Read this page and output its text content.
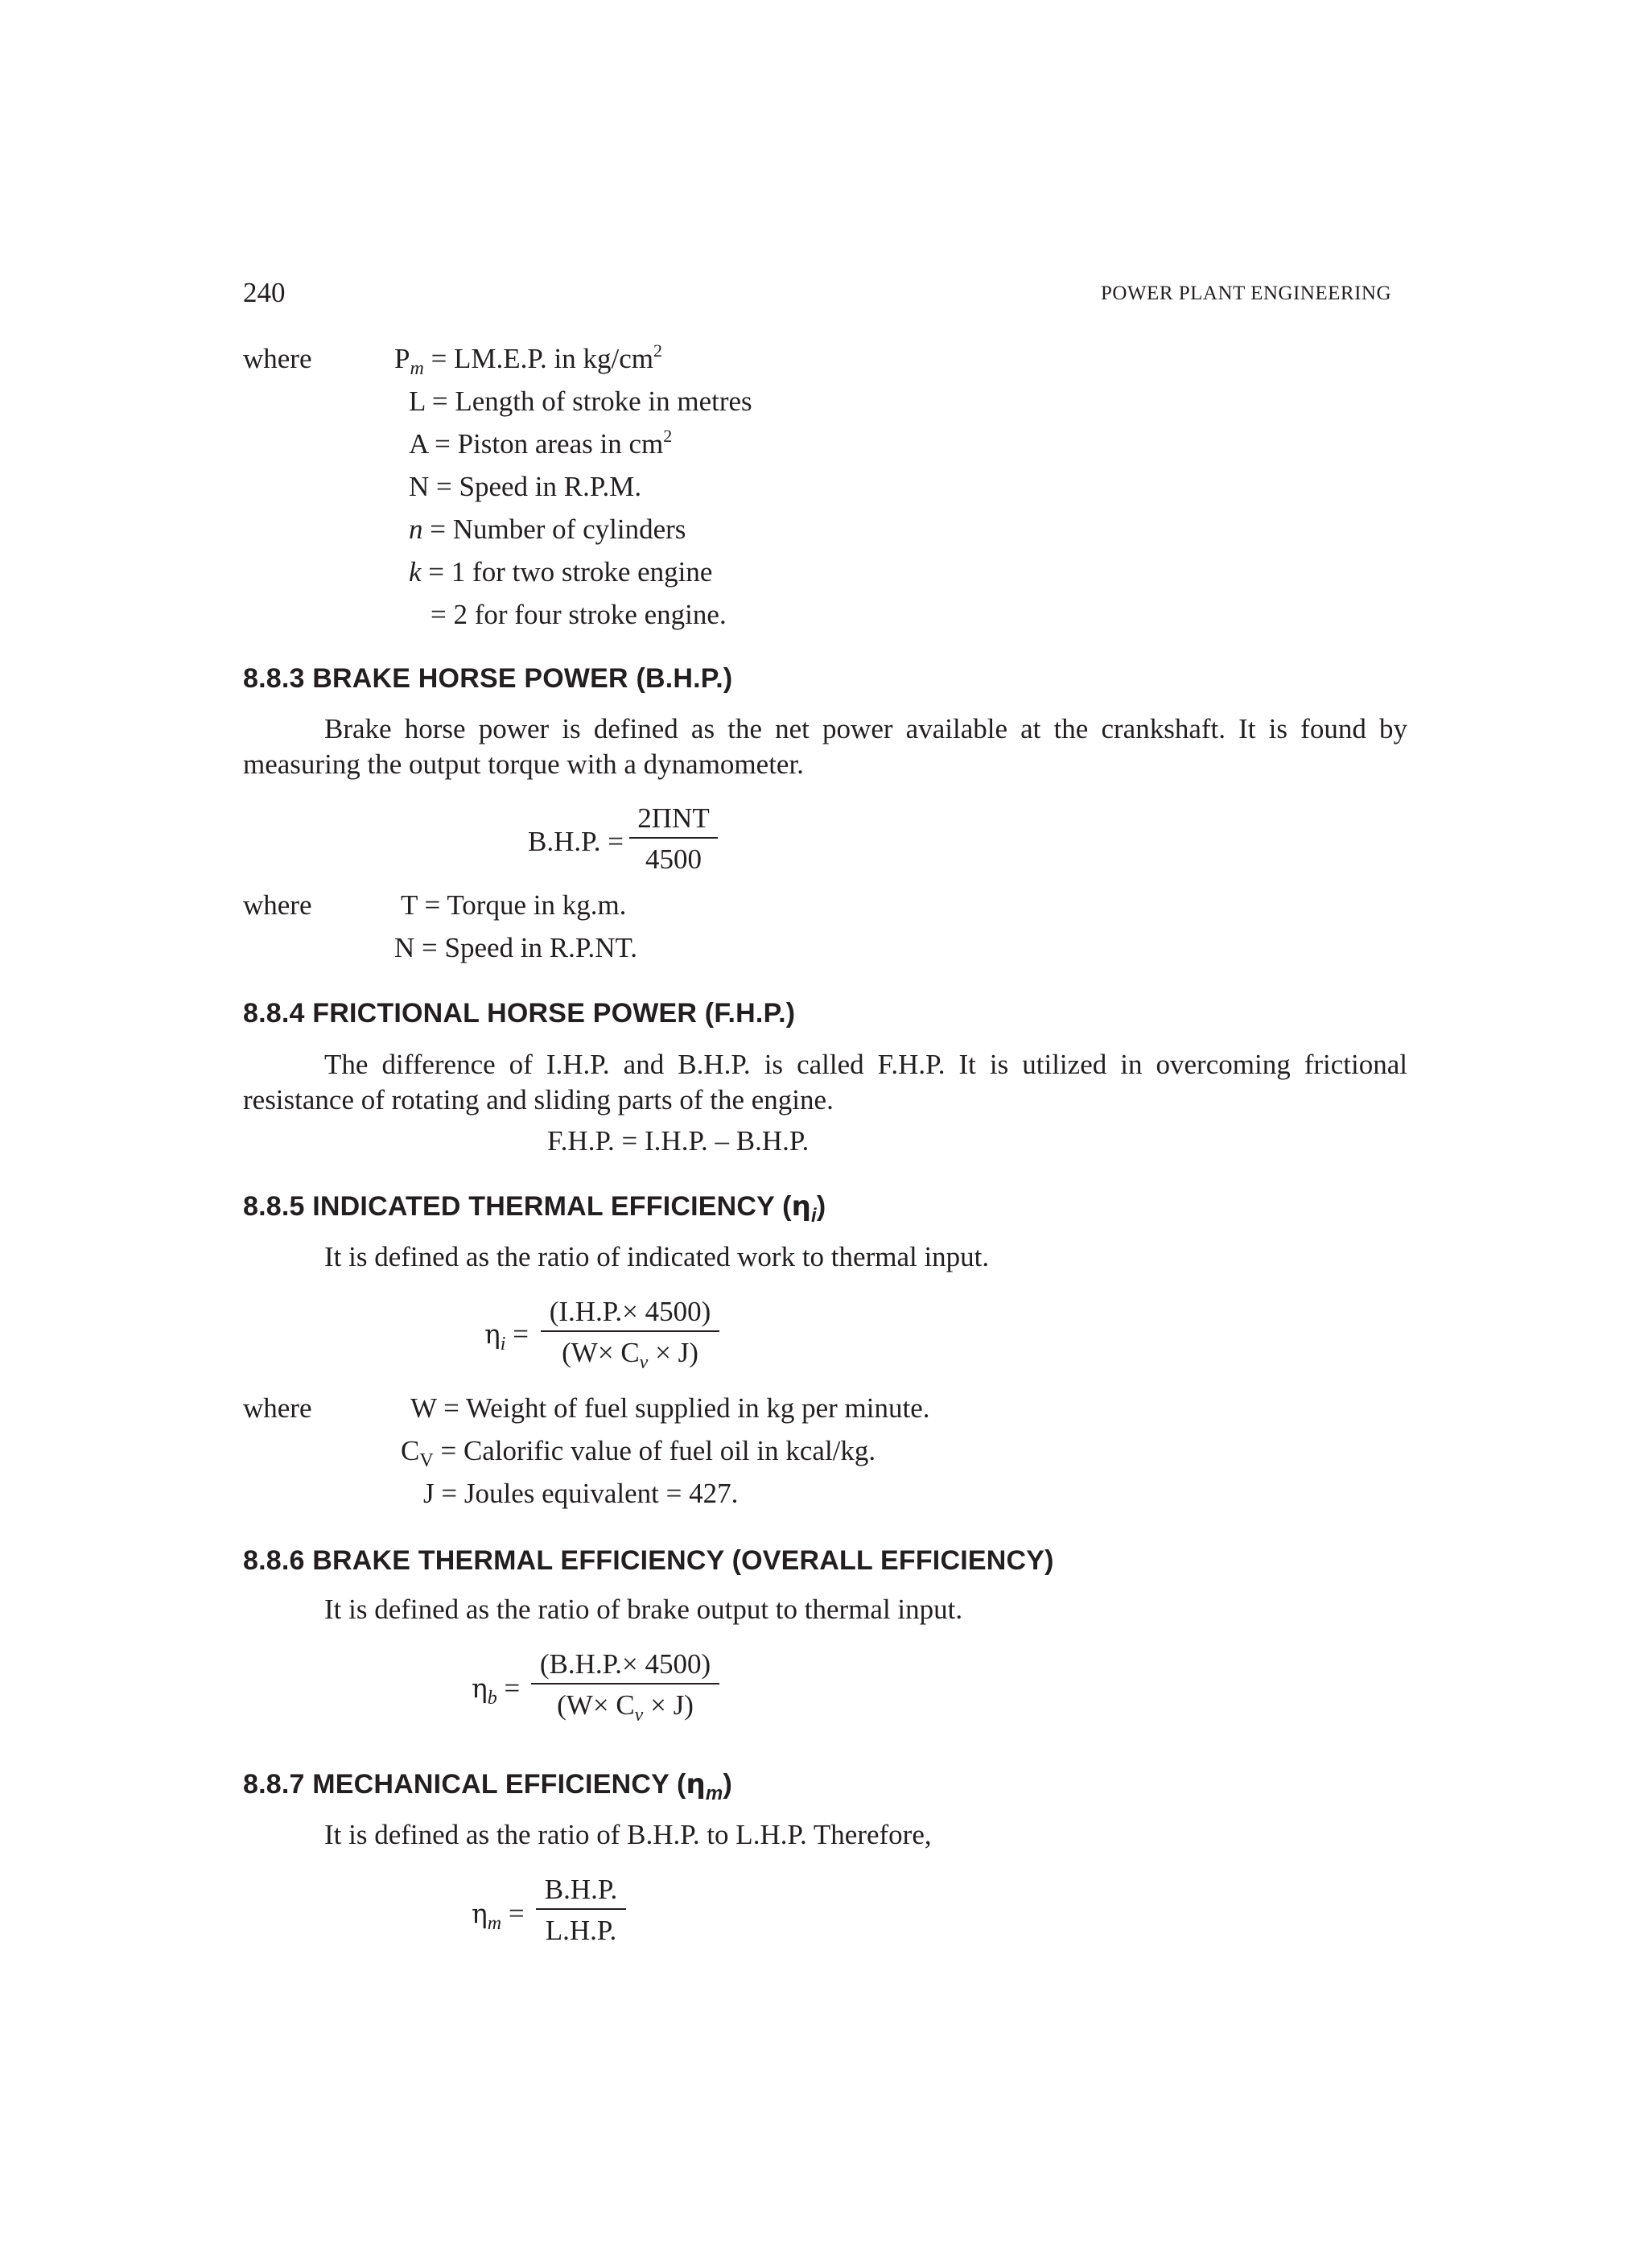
240	POWER PLANT ENGINEERING
where	$P_m = LM.E.P$. in $kg/cm^2$
L = Length of stroke in metres
A = Piston areas in $cm^2$
N = Speed in R.P.M.
n = Number of cylinders
k = 1 for two stroke engine
= 2 for four stroke engine.
8.8.3 BRAKE HORSE POWER (B.H.P.)
Brake horse power is defined as the net power available at the crankshaft. It is found by measuring the output torque with a dynamometer.
B.H.P. =
2ΠNT
4500
where	T = Torque in kg.m.
N = Speed in R.P.NT.
8.8.4 FRICTIONAL HORSE POWER (F.H.P.)
The difference of I.H.P. and B.H.P. is called F.H.P. It is utilized in overcoming frictional resistance of rotating and sliding parts of the engine.
F.H.P. = I.H.P. – B.H.P.
8.8.5 INDICATED THERMAL EFFICIENCY $(\eta_i)$
It is defined as the ratio of indicated work to thermal input.
$\eta_i$ =
(I.H.P.× 4500)
$(W\times C_v \times J)$
where	W = Weight of fuel supplied in kg per minute.
$C_V$ = Calorific value of fuel oil in kcal/kg.
J = Joules equivalent = 427.
8.8.6 BRAKE THERMAL EFFICIENCY (OVERALL EFFICIENCY)
It is defined as the ratio of brake output to thermal input.
$\eta_b$ =
(B.H.P.× 4500)
$(W\times C_v \times J)$
8.8.7 MECHANICAL EFFICIENCY $(\eta_m)$
It is defined as the ratio of B.H.P. to L.H.P. Therefore,
$\eta_m$ =
B.H.P.
L.H.P.
